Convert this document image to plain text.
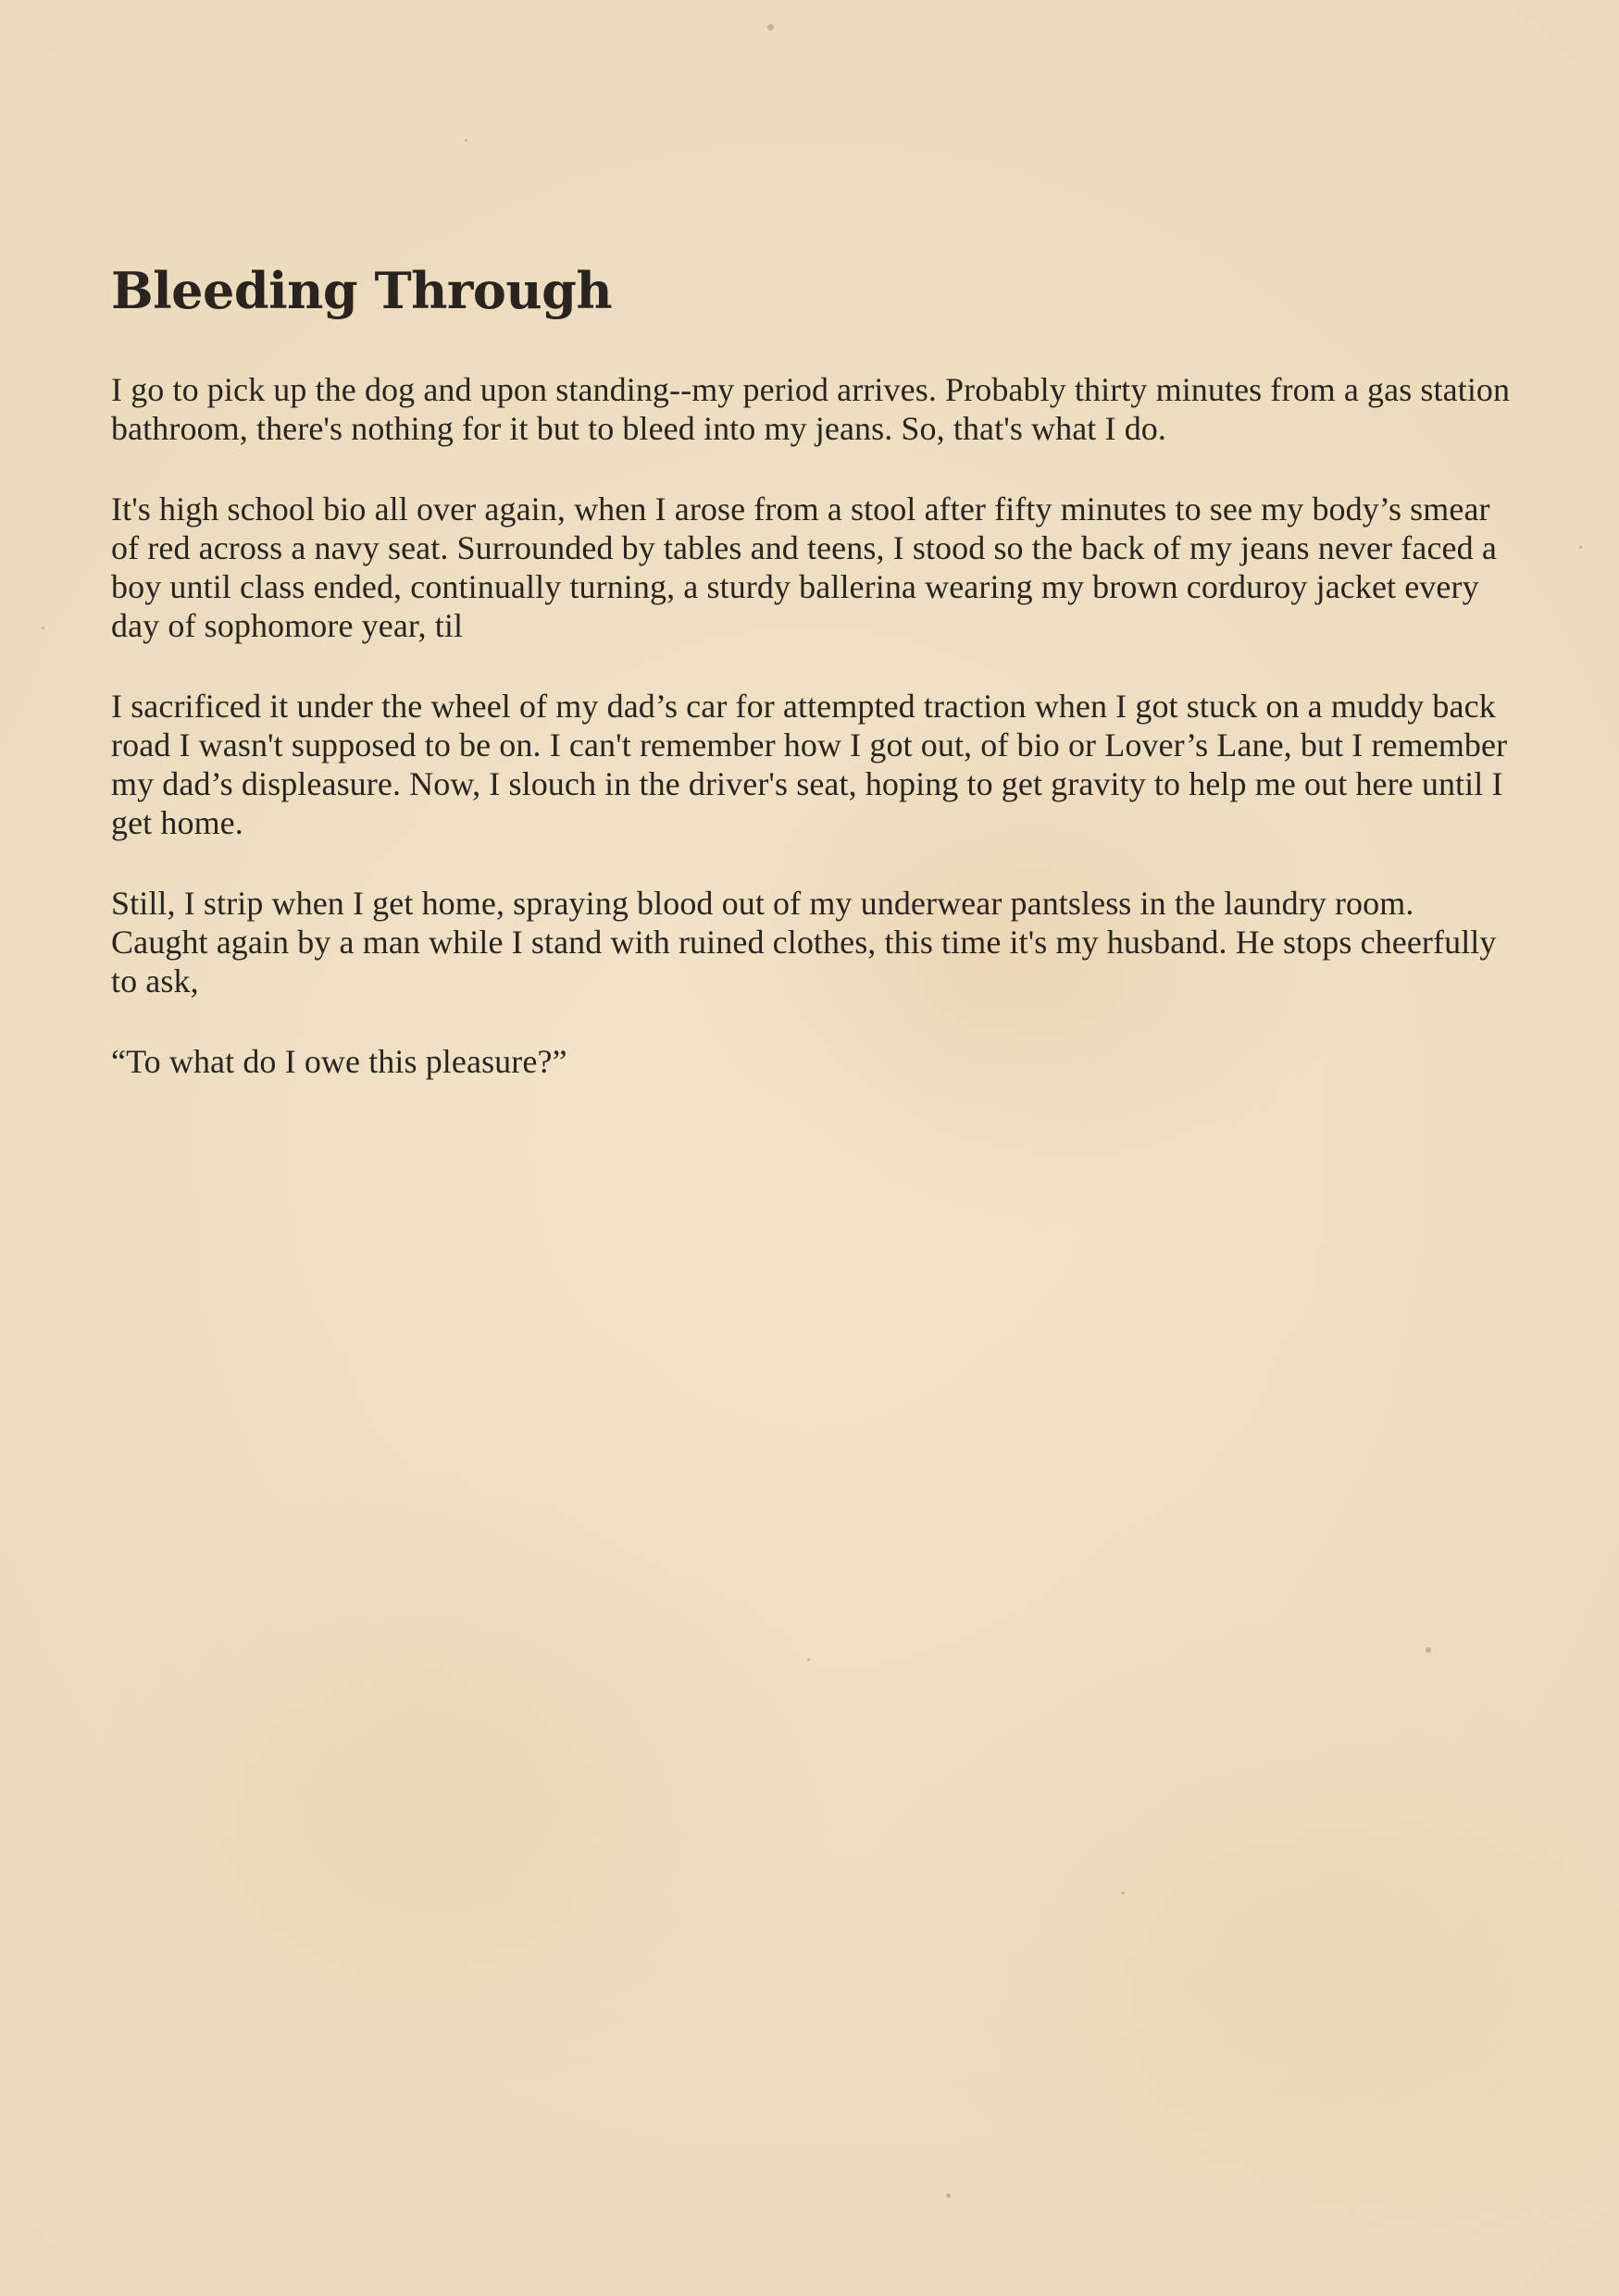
Bleeding Through

I go to pick up the dog and upon standing--my period arrives. Probably thirty minutes from a gas station bathroom, there's nothing for it but to bleed into my jeans. So, that's what I do.

It's high school bio all over again, when I arose from a stool after fifty minutes to see my body’s smear of red across a navy seat. Surrounded by tables and teens, I stood so the back of my jeans never faced a boy until class ended, continually turning, a sturdy ballerina wearing my brown corduroy jacket every day of sophomore year, til

I sacrificed it under the wheel of my dad’s car for attempted traction when I got stuck on a muddy back road I wasn't supposed to be on. I can't remember how I got out, of bio or Lover’s Lane, but I remember my dad’s displeasure. Now, I slouch in the driver's seat, hoping to get gravity to help me out here until I get home.

Still, I strip when I get home, spraying blood out of my underwear pantsless in the laundry room. Caught again by a man while I stand with ruined clothes, this time it's my husband. He stops cheerfully to ask,

“To what do I owe this pleasure?”
